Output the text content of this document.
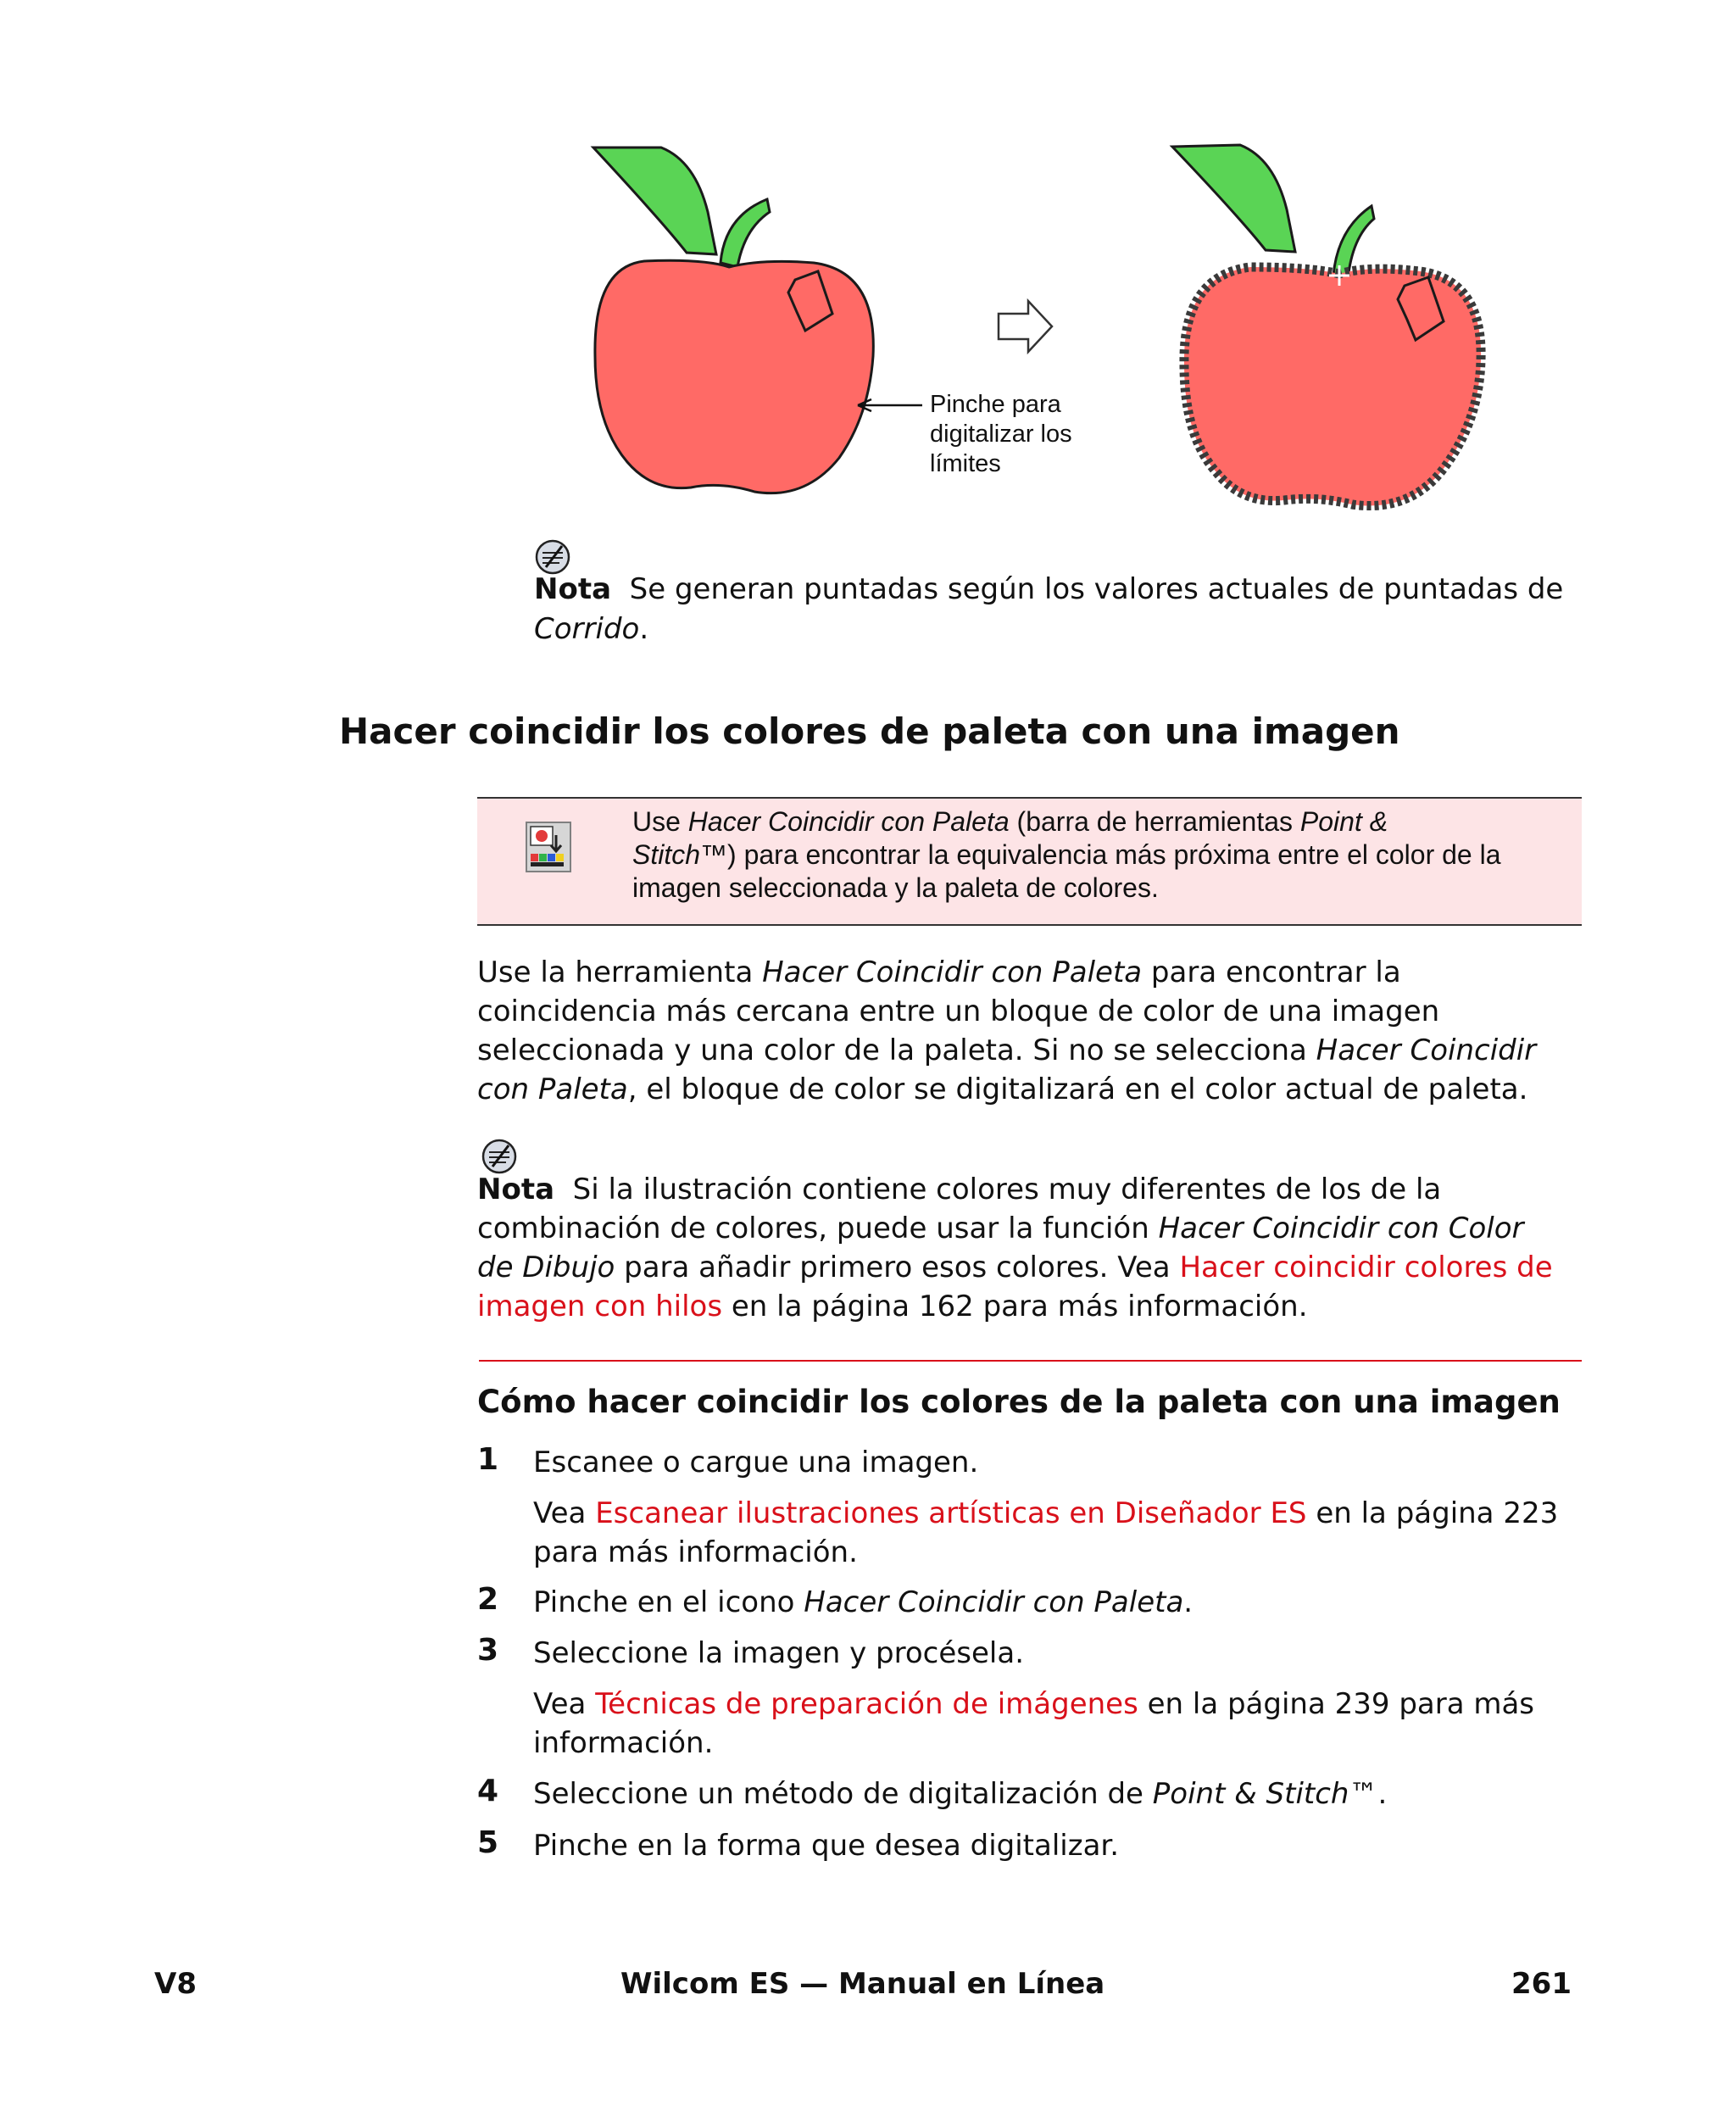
Pinche para
digitalizar los
límites

Nota Se generan puntadas según los valores actuales de puntadas de

Corrido.

Hacer coincidir los colores de paleta con una imagen

Use Hacer Coincidir con Paleta (barra de herramientas Point &

Stitch™) para encontrar la equivalencia más próxima entre el color de la

imagen seleccionada y la paleta de colores.

Use la herramienta Hacer Coincidir con Paleta para encontrar la

coincidencia más cercana entre un bloque de color de una imagen

seleccionada y una color de la paleta. Si no se selecciona Hacer Coincidir

con Paleta, el bloque de color se digitalizará en el color actual de paleta.

Nota Si la ilustración contiene colores muy diferentes de los de la

combinación de colores, puede usar la función Hacer Coincidir con Color

de Dibujo para añadir primero esos colores. Vea Hacer coincidir colores de

imagen con hilos en la página 162 para más información.

Cómo hacer coincidir los colores de la paleta con una imagen
1 Escanee o cargue una imagen.

Vea Escanear ilustraciones artísticas en Diseñador ES en la página 223

para más información.

2 Pinche en el icono Hacer Coincidir con Paleta.
3 Seleccione la imagen y procésela.

Vea Técnicas de preparación de imágenes en la página 239 para más

información.

4 Seleccione un método de digitalización de Point & Stitch™.
5 Pinche en la forma que desea digitalizar.
V8	Wilcom ES — Manual en Línea	261
